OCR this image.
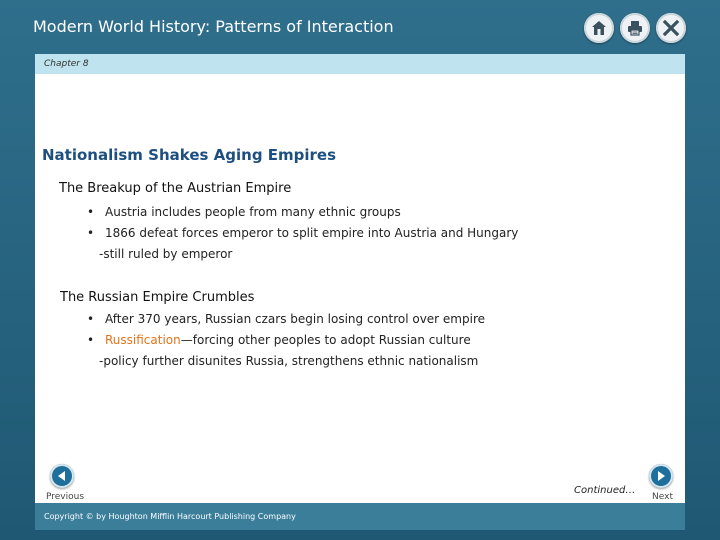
Modern World History: Patterns of Interaction
Chapter 8
Nationalism Shakes Aging Empires
The Breakup of the Austrian Empire
• Austria includes people from many ethnic groups
• 1866 defeat forces emperor to split empire into Austria and Hungary
-still ruled by emperor
The Russian Empire Crumbles
• After 370 years, Russian czars begin losing control over empire
• Russification—forcing other peoples to adopt Russian culture
-policy further disunites Russia, strengthens ethnic nationalism
Previous
Continued…
Next
Copyright © by Houghton Mifflin Harcourt Publishing Company
